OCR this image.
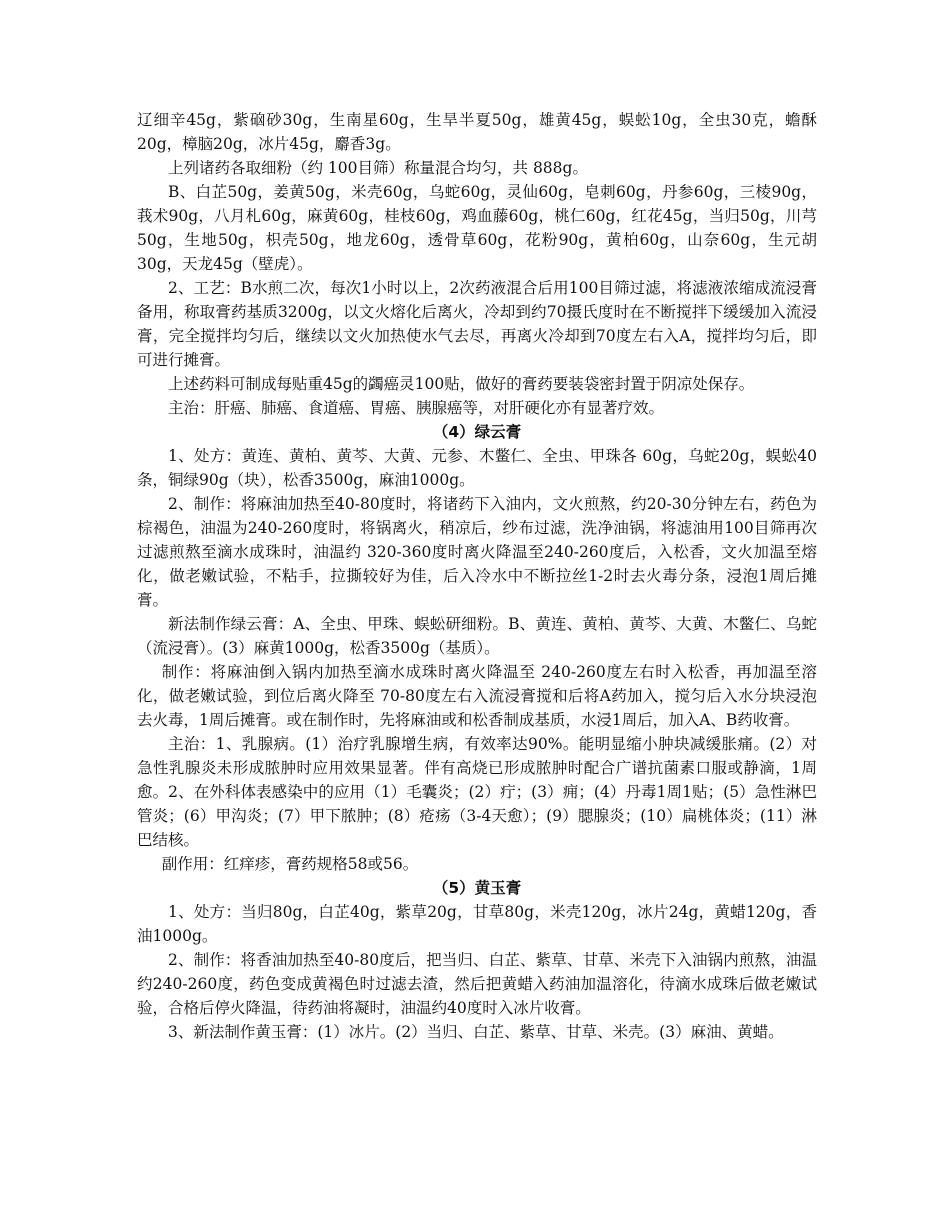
辽细辛45g，紫硇砂30g，生南星60g，生旱半夏50g，雄黄45g，蜈蚣10g，全虫30克，蟾酥20g，樟脑20g，冰片45g，麝香3g。

上列诸药各取细粉（约 100目筛）称量混合均匀，共 888g。

B、白芷50g，姜黄50g，米壳60g，乌蛇60g，灵仙60g，皂刺60g，丹参60g，三棱90g，莪术90g，八月札60g，麻黄60g，桂枝60g，鸡血藤60g，桃仁60g，红花45g，当归50g，川芎50g，生地50g，枳壳50g，地龙60g，透骨草60g，花粉90g，黄柏60g，山奈60g，生元胡30g，天龙45g（壁虎）。

2、工艺：B水煎二次，每次1小时以上，2次药液混合后用100目筛过滤，将滤液浓缩成流浸膏备用，称取膏药基质3200g，以文火熔化后离火，冷却到约70摄氏度时在不断搅拌下缓缓加入流浸膏，完全搅拌均匀后，继续以文火加热使水气去尽，再离火冷却到70度左右入A，搅拌均匀后，即可进行摊膏。

上述药料可制成每贴重45g的蠲癌灵100贴，做好的膏药要装袋密封置于阴凉处保存。

主治：肝癌、肺癌、食道癌、胃癌、胰腺癌等，对肝硬化亦有显著疗效。

（4）绿云膏

1、处方：黄连、黄柏、黄芩、大黄、元参、木鳖仁、全虫、甲珠各 60g，乌蛇20g，蜈蚣40条，铜绿90g（块），松香3500g，麻油1000g。

2、制作：将麻油加热至40-80度时，将诸药下入油内，文火煎熬，约20-30分钟左右，药色为棕褐色，油温为240-260度时，将锅离火，稍凉后，纱布过滤，洗净油锅，将滤油用100目筛再次过滤煎熬至滴水成珠时，油温约 320-360度时离火降温至240-260度后，入松香，文火加温至熔化，做老嫩试验，不粘手，拉撕较好为佳，后入冷水中不断拉丝1-2时去火毒分条，浸泡1周后摊膏。

新法制作绿云膏：A、全虫、甲珠、蜈蚣研细粉。B、黄连、黄柏、黄芩、大黄、木鳖仁、乌蛇（流浸膏）。(3）麻黄1000g，松香3500g（基质）。

制作：将麻油倒入锅内加热至滴水成珠时离火降温至 240-260度左右时入松香，再加温至溶化，做老嫩试验，到位后离火降至 70-80度左右入流浸膏搅和后将A药加入，搅匀后入水分块浸泡去火毒，1周后摊膏。或在制作时，先将麻油或和松香制成基质，水浸1周后，加入A、B药收膏。

主治：1、乳腺病。(1）治疗乳腺增生病，有效率达90%。能明显缩小肿块减缓胀痛。(2）对急性乳腺炎未形成脓肿时应用效果显著。伴有高烧已形成脓肿时配合广谱抗菌素口服或静滴，1周愈。2、在外科体表感染中的应用（1）毛囊炎；(2）疔；(3）痈；(4）丹毒1周1贴；(5）急性淋巴管炎；(6）甲沟炎；(7）甲下脓肿；(8）疮疡（3-4天愈）；(9）腮腺炎；(10）扁桃体炎；(11）淋巴结核。

副作用：红痒疹，膏药规格58或56。

（5）黄玉膏

1、处方：当归80g，白芷40g，紫草20g，甘草80g，米壳120g，冰片24g，黄蜡120g，香油1000g。

2、制作：将香油加热至40-80度后，把当归、白芷、紫草、甘草、米壳下入油锅内煎熬，油温约240-260度，药色变成黄褐色时过滤去渣，然后把黄蜡入药油加温溶化，待滴水成珠后做老嫩试验，合格后停火降温，待药油将凝时，油温约40度时入冰片收膏。

3、新法制作黄玉膏：(1）冰片。(2）当归、白芷、紫草、甘草、米壳。(3）麻油、黄蜡。
